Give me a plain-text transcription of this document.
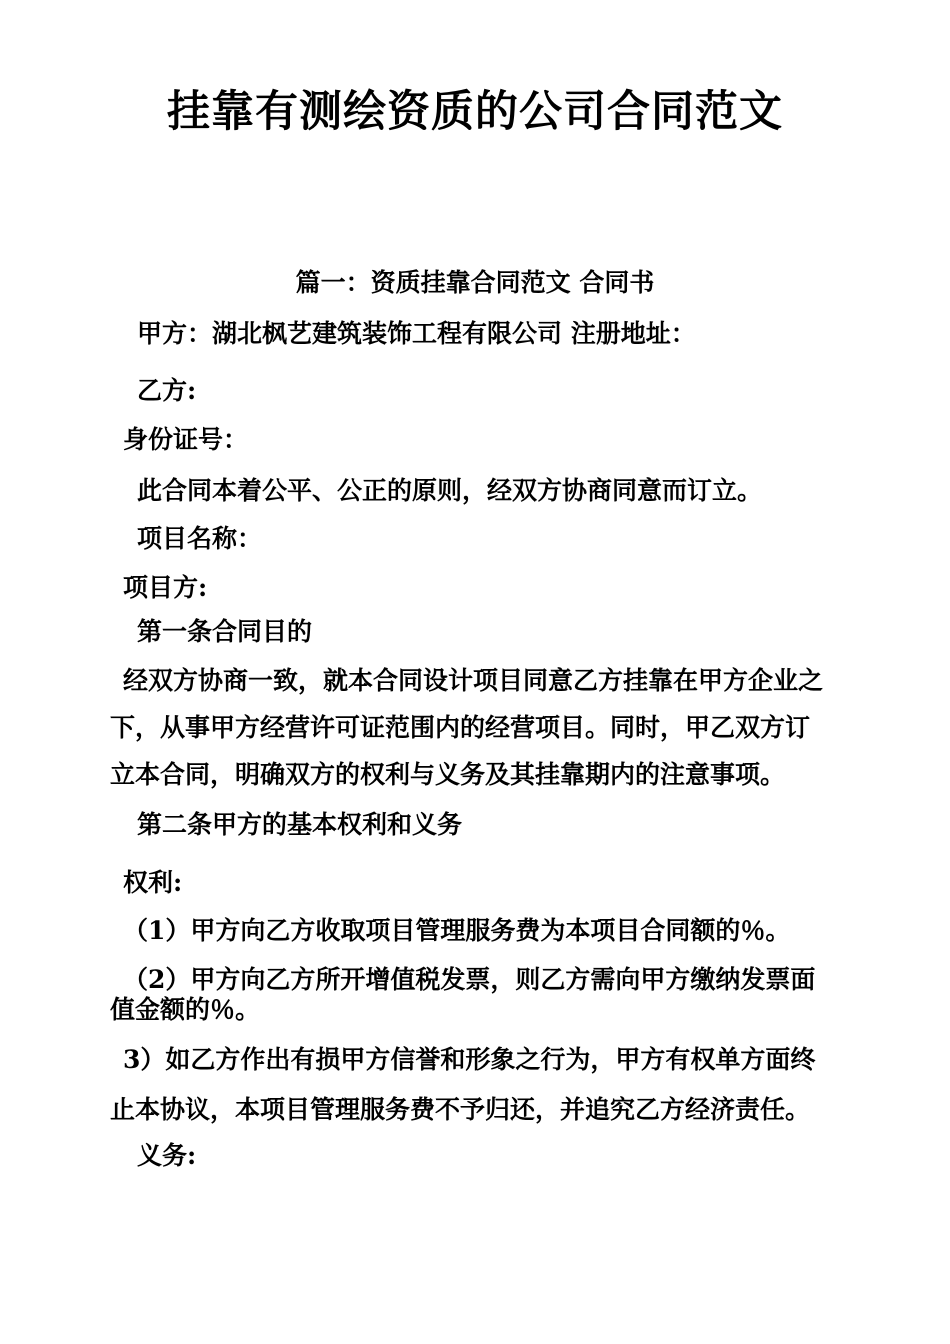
挂靠有测绘资质的公司合同范文
篇一：资质挂靠合同范文 合同书
甲方：湖北枫艺建筑装饰工程有限公司 注册地址：
乙方:
身份证号：
此合同本着公平、公正的原则，经双方协商同意而订立。
项目名称：
项目方:
第一条合同目的
经双方协商一致，就本合同设计项目同意乙方挂靠在甲方企业之
下，从事甲方经营许可证范围内的经营项目。同时，甲乙双方订
立本合同，明确双方的权利与义务及其挂靠期内的注意事项。
第二条甲方的基本权利和义务
权利:
（1）甲方向乙方收取项目管理服务费为本项目合同额的％。
（2）甲方向乙方所开增值税发票，则乙方需向甲方缴纳发票面
值金额的％。
3）如乙方作出有损甲方信誉和形象之行为，甲方有权单方面终
止本协议，本项目管理服务费不予归还，并追究乙方经济责任。
义务:
